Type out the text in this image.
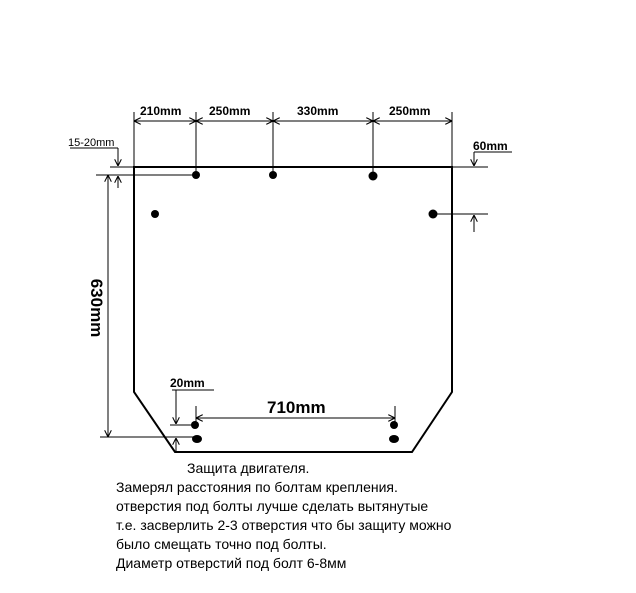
210mm 250mm	330mm	250mm
15-20mm	60mm
630mm
20mm
710mm

Защита двигателя.

Замерял расстояния по болтам крепления.

отверстия под болты лучше сделать вытянутые

т.е. засверлить 2-3 отверстия что бы защиту можно

было смещать точно под болты.

Диаметр отверстий под болт 6-8мм
